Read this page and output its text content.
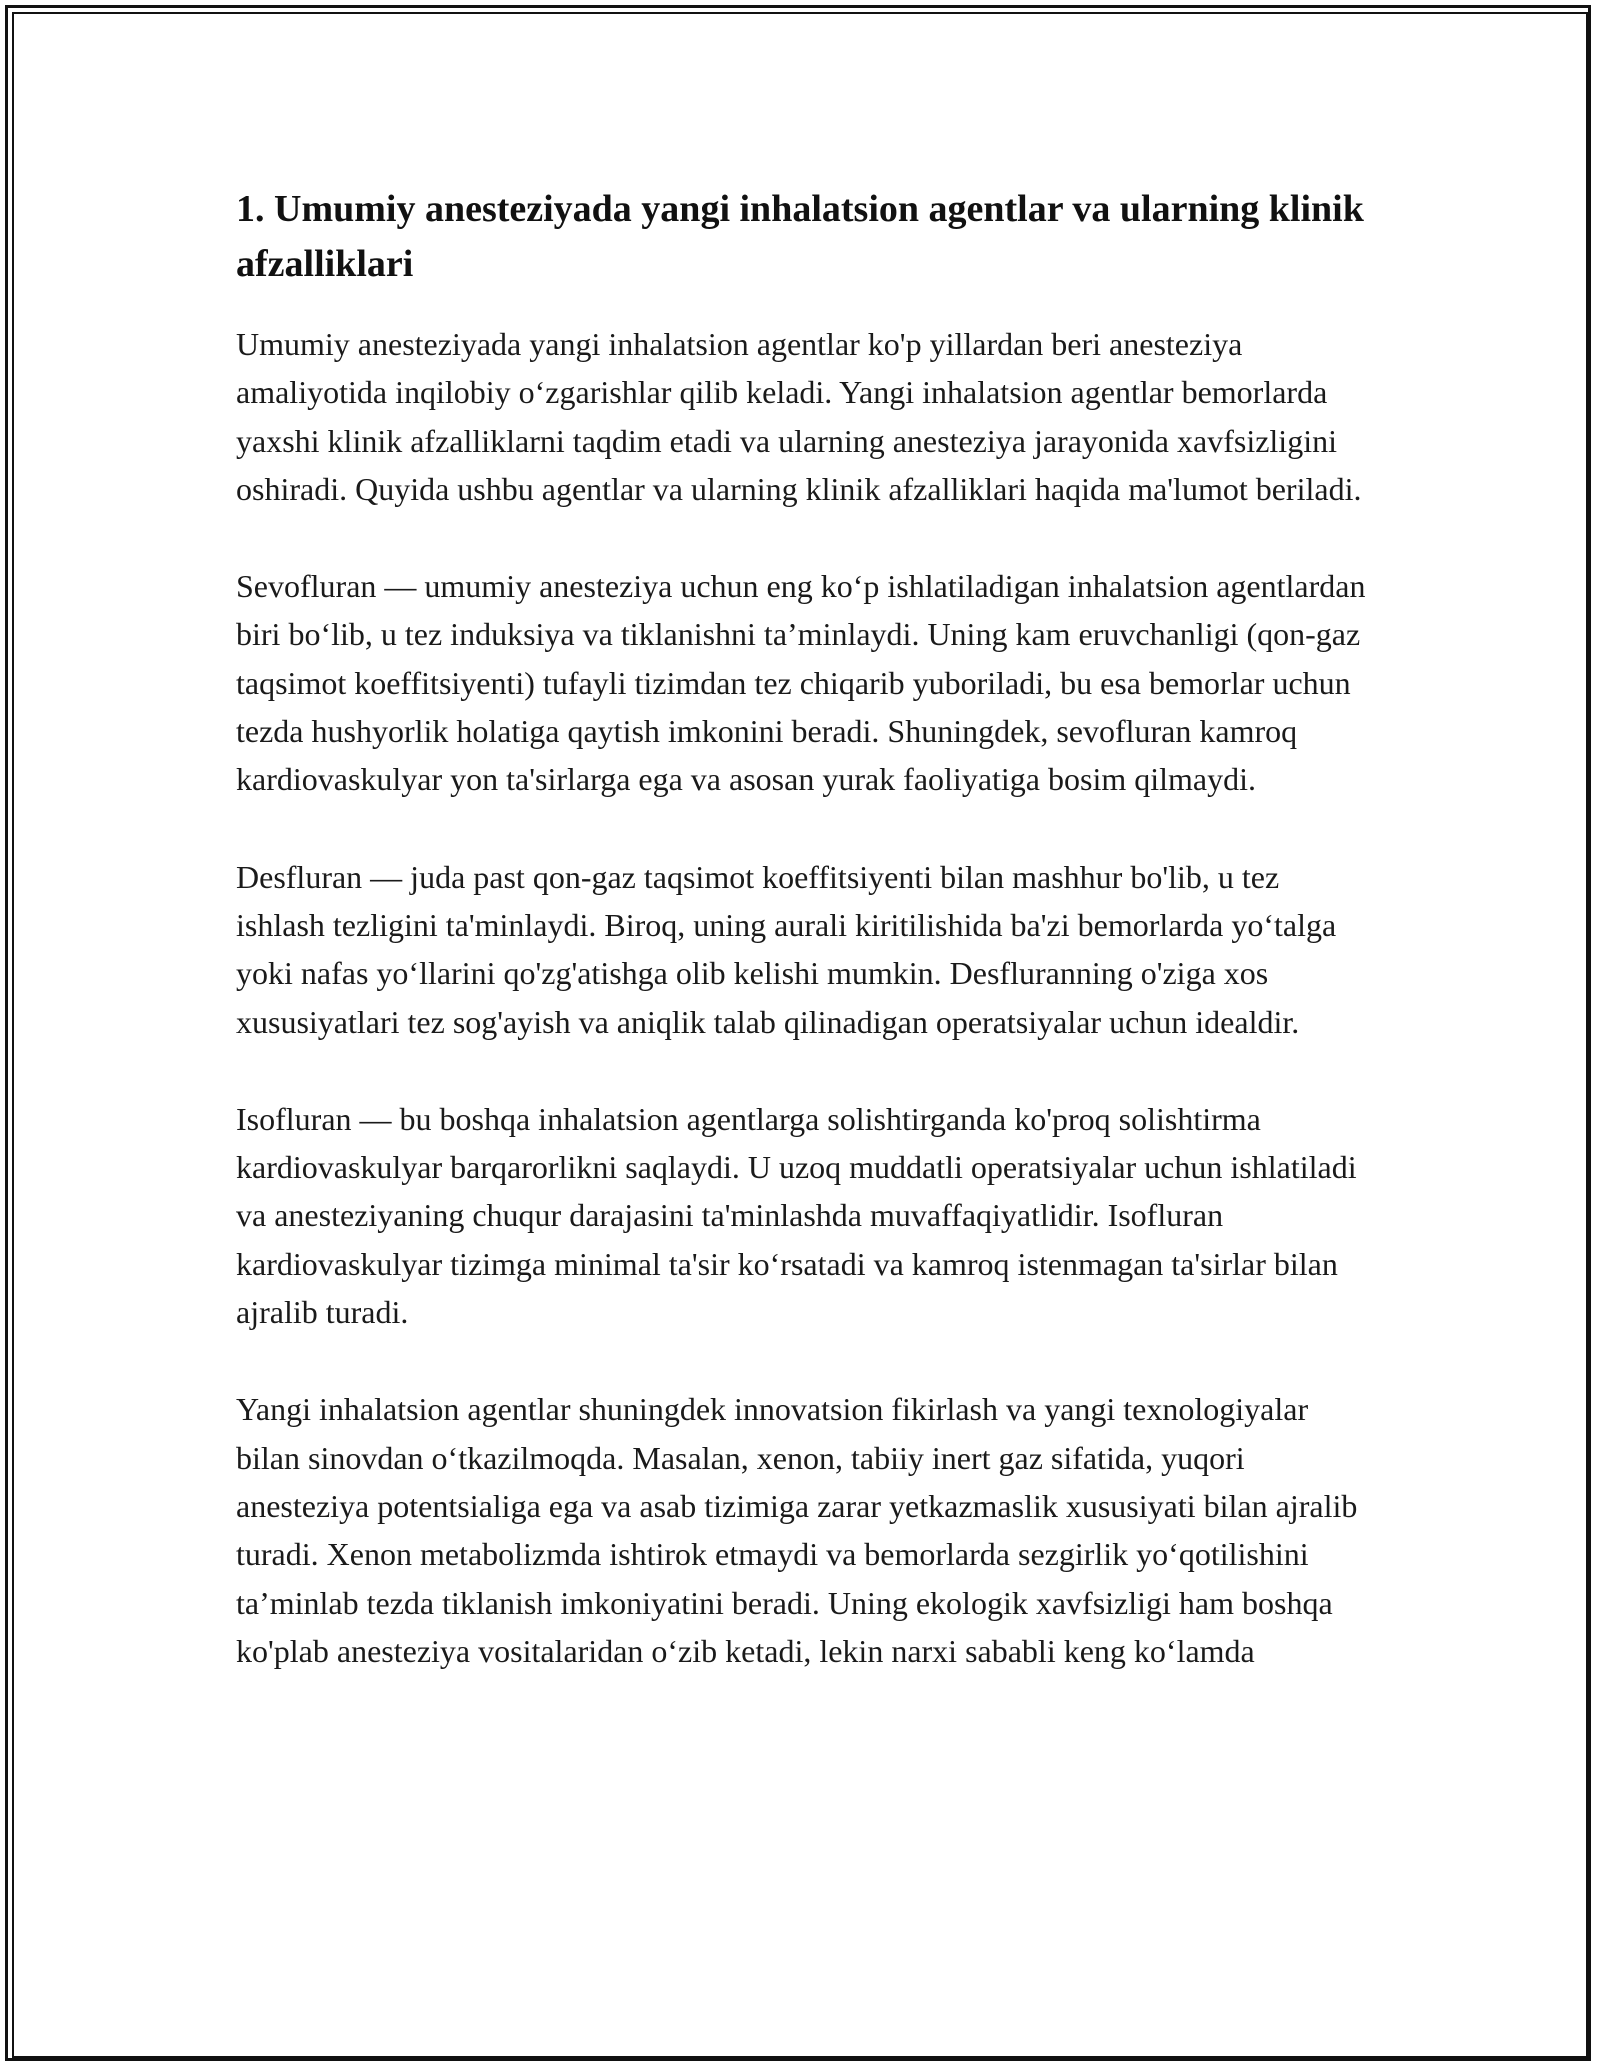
1. Umumiy anesteziyada yangi inhalatsion agentlar va ularning klinik afzalliklari

Umumiy anesteziyada yangi inhalatsion agentlar ko'p yillardan beri anesteziya amaliyotida inqilobiy o‘zgarishlar qilib keladi. Yangi inhalatsion agentlar bemorlarda yaxshi klinik afzalliklarni taqdim etadi va ularning anesteziya jarayonida xavfsizligini oshiradi. Quyida ushbu agentlar va ularning klinik afzalliklari haqida ma'lumot beriladi.

Sevofluran — umumiy anesteziya uchun eng ko‘p ishlatiladigan inhalatsion agentlardan biri bo‘lib, u tez induksiya va tiklanishni ta’minlaydi. Uning kam eruvchanligi (qon-gaz taqsimot koeffitsiyenti) tufayli tizimdan tez chiqarib yuboriladi, bu esa bemorlar uchun tezda hushyorlik holatiga qaytish imkonini beradi. Shuningdek, sevofluran kamroq kardiovaskulyar yon ta'sirlarga ega va asosan yurak faoliyatiga bosim qilmaydi.

Desfluran — juda past qon-gaz taqsimot koeffitsiyenti bilan mashhur bo'lib, u tez ishlash tezligini ta'minlaydi. Biroq, uning aurali kiritilishida ba'zi bemorlarda yo‘talga yoki nafas yo‘llarini qo'zg'atishga olib kelishi mumkin. Desfluranning o'ziga xos xususiyatlari tez sog'ayish va aniqlik talab qilinadigan operatsiyalar uchun idealdir.

Isofluran — bu boshqa inhalatsion agentlarga solishtirganda ko'proq solishtirma kardiovaskulyar barqarorlikni saqlaydi. U uzoq muddatli operatsiyalar uchun ishlatiladi va anesteziyaning chuqur darajasini ta'minlashda muvaffaqiyatlidir. Isofluran kardiovaskulyar tizimga minimal ta'sir ko‘rsatadi va kamroq istenmagan ta'sirlar bilan ajralib turadi.

Yangi inhalatsion agentlar shuningdek innovatsion fikirlash va yangi texnologiyalar bilan sinovdan o‘tkazilmoqda. Masalan, xenon, tabiiy inert gaz sifatida, yuqori anesteziya potentsialiga ega va asab tizimiga zarar yetkazmaslik xususiyati bilan ajralib turadi. Xenon metabolizmda ishtirok etmaydi va bemorlarda sezgirlik yo‘qotilishini ta’minlab tezda tiklanish imkoniyatini beradi. Uning ekologik xavfsizligi ham boshqa ko'plab anesteziya vositalaridan o‘zib ketadi, lekin narxi sababli keng ko‘lamda
